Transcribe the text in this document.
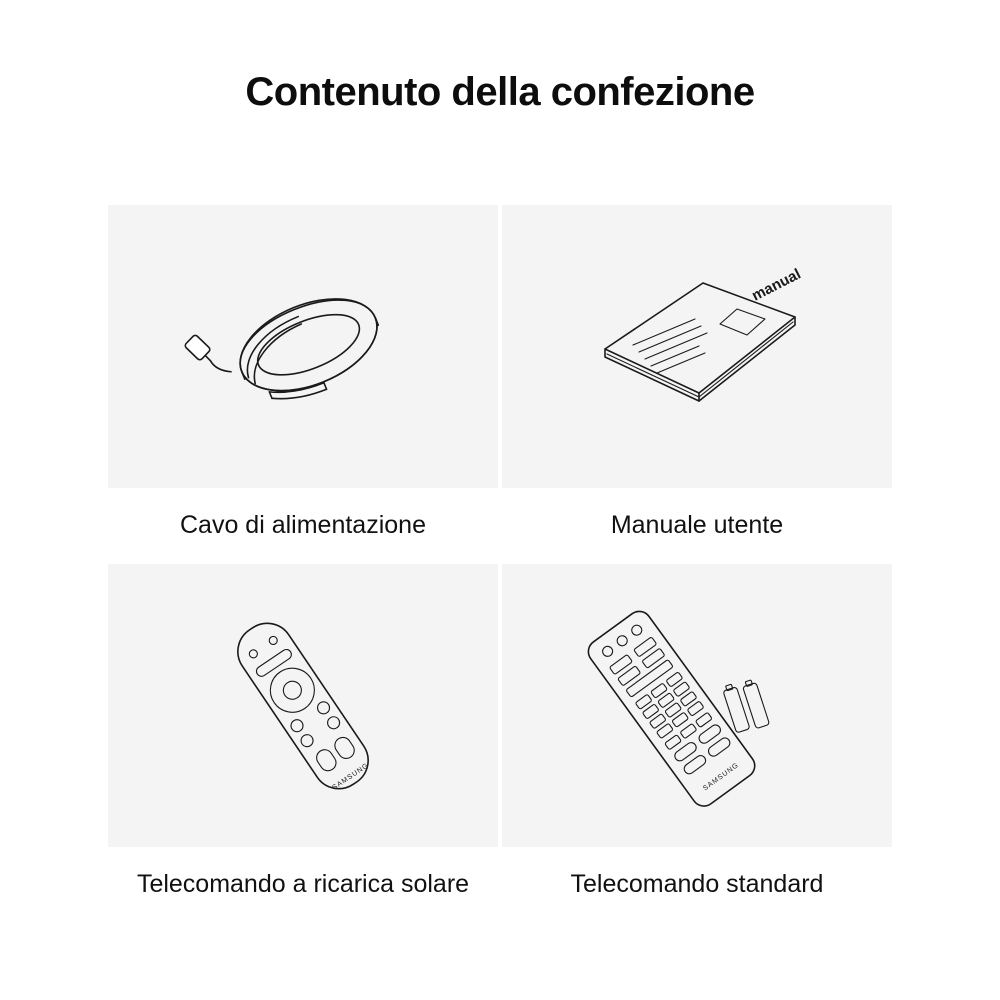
Contenuto della confezione
Cavo di alimentazione
manual
Manuale utente
SAMSUNG
Telecomando a ricarica solare
SAMSUNG
Telecomando standard
